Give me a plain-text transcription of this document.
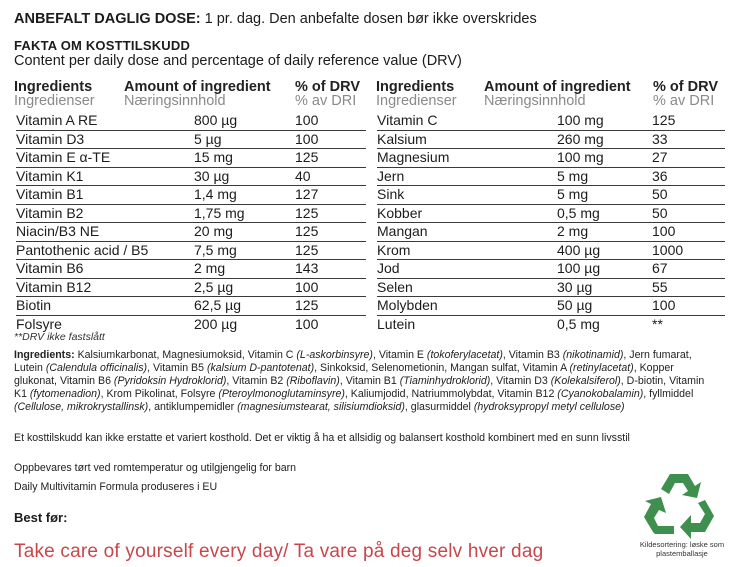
ANBEFALT DAGLIG DOSE: 1 pr. dag. Den anbefalte dosen bør ikke overskrides
FAKTA OM KOSTTILSKUDD
Content per daily dose and percentage of daily reference value (DRV)
Ingredients
Ingredienser
Amount of ingredient
Næringsinnhold
% of DRV
% av DRI
Ingredients
Ingredienser
Amount of ingredient
Næringsinnhold
% of DRV
% av DRI
Vitamin A RE	800 µg	100
Vitamin D3	5 µg	100
Vitamin E α-TE	15 mg	125
Vitamin K1	30 µg	40
Vitamin B1	1,4 mg	127
Vitamin B2	1,75 mg	125
Niacin/B3 NE	20 mg	125
Pantothenic acid / B5	7,5 mg	125
Vitamin B6	2 mg	143
Vitamin B12	2,5 µg	100
Biotin	62,5 µg	125
Folsyre	200 µg	100
Vitamin C	100 mg	125
Kalsium	260 mg	33
Magnesium	100 mg	27
Jern	5 mg	36
Sink	5 mg	50
Kobber	0,5 mg	50
Mangan	2 mg	100
Krom	400 µg	1000
Jod	100 µg	67
Selen	30 µg	55
Molybden	50 µg	100
Lutein	0,5 mg	**
**DRV ikke fastslått
Ingredients: Kalsiumkarbonat, Magnesiumoksid, Vitamin C (L-askorbinsyre), Vitamin E (tokoferylacetat), Vitamin B3 (nikotinamid), Jern fumarat, Lutein (Calendula officinalis), Vitamin B5 (kalsium D-pantotenat), Sinkoksid, Selenometionin, Mangan sulfat, Vitamin A (retinylacetat), Kopper glukonat, Vitamin B6 (Pyridoksin Hydroklorid), Vitamin B2 (Riboflavin), Vitamin B1 (Tiaminhydroklorid), Vitamin D3 (Kolekalsiferol), D-biotin, Vitamin K1 (fytomenadion), Krom Pikolinat, Folsyre (Pteroylmonoglutaminsyre), Kaliumjodid, Natriummolybdat, Vitamin B12 (Cyanokobalamin), fyllmiddel (Cellulose, mikrokrystallinsk), antiklumpemidler (magnesiumstearat, silisiumdioksid), glasurmiddel (hydroksypropyl metyl cellulose)
Et kosttilskudd kan ikke erstatte et variert kosthold. Det er viktig å ha et allsidig og balansert kosthold kombinert med en sunn livsstil
Oppbevares tørt ved romtemperatur og utilgjengelig for barn
Daily Multivitamin Formula produseres i EU
Best før:
Take care of yourself every day/ Ta vare på deg selv hver dag	Kildesortering: løske som plastemballasje
